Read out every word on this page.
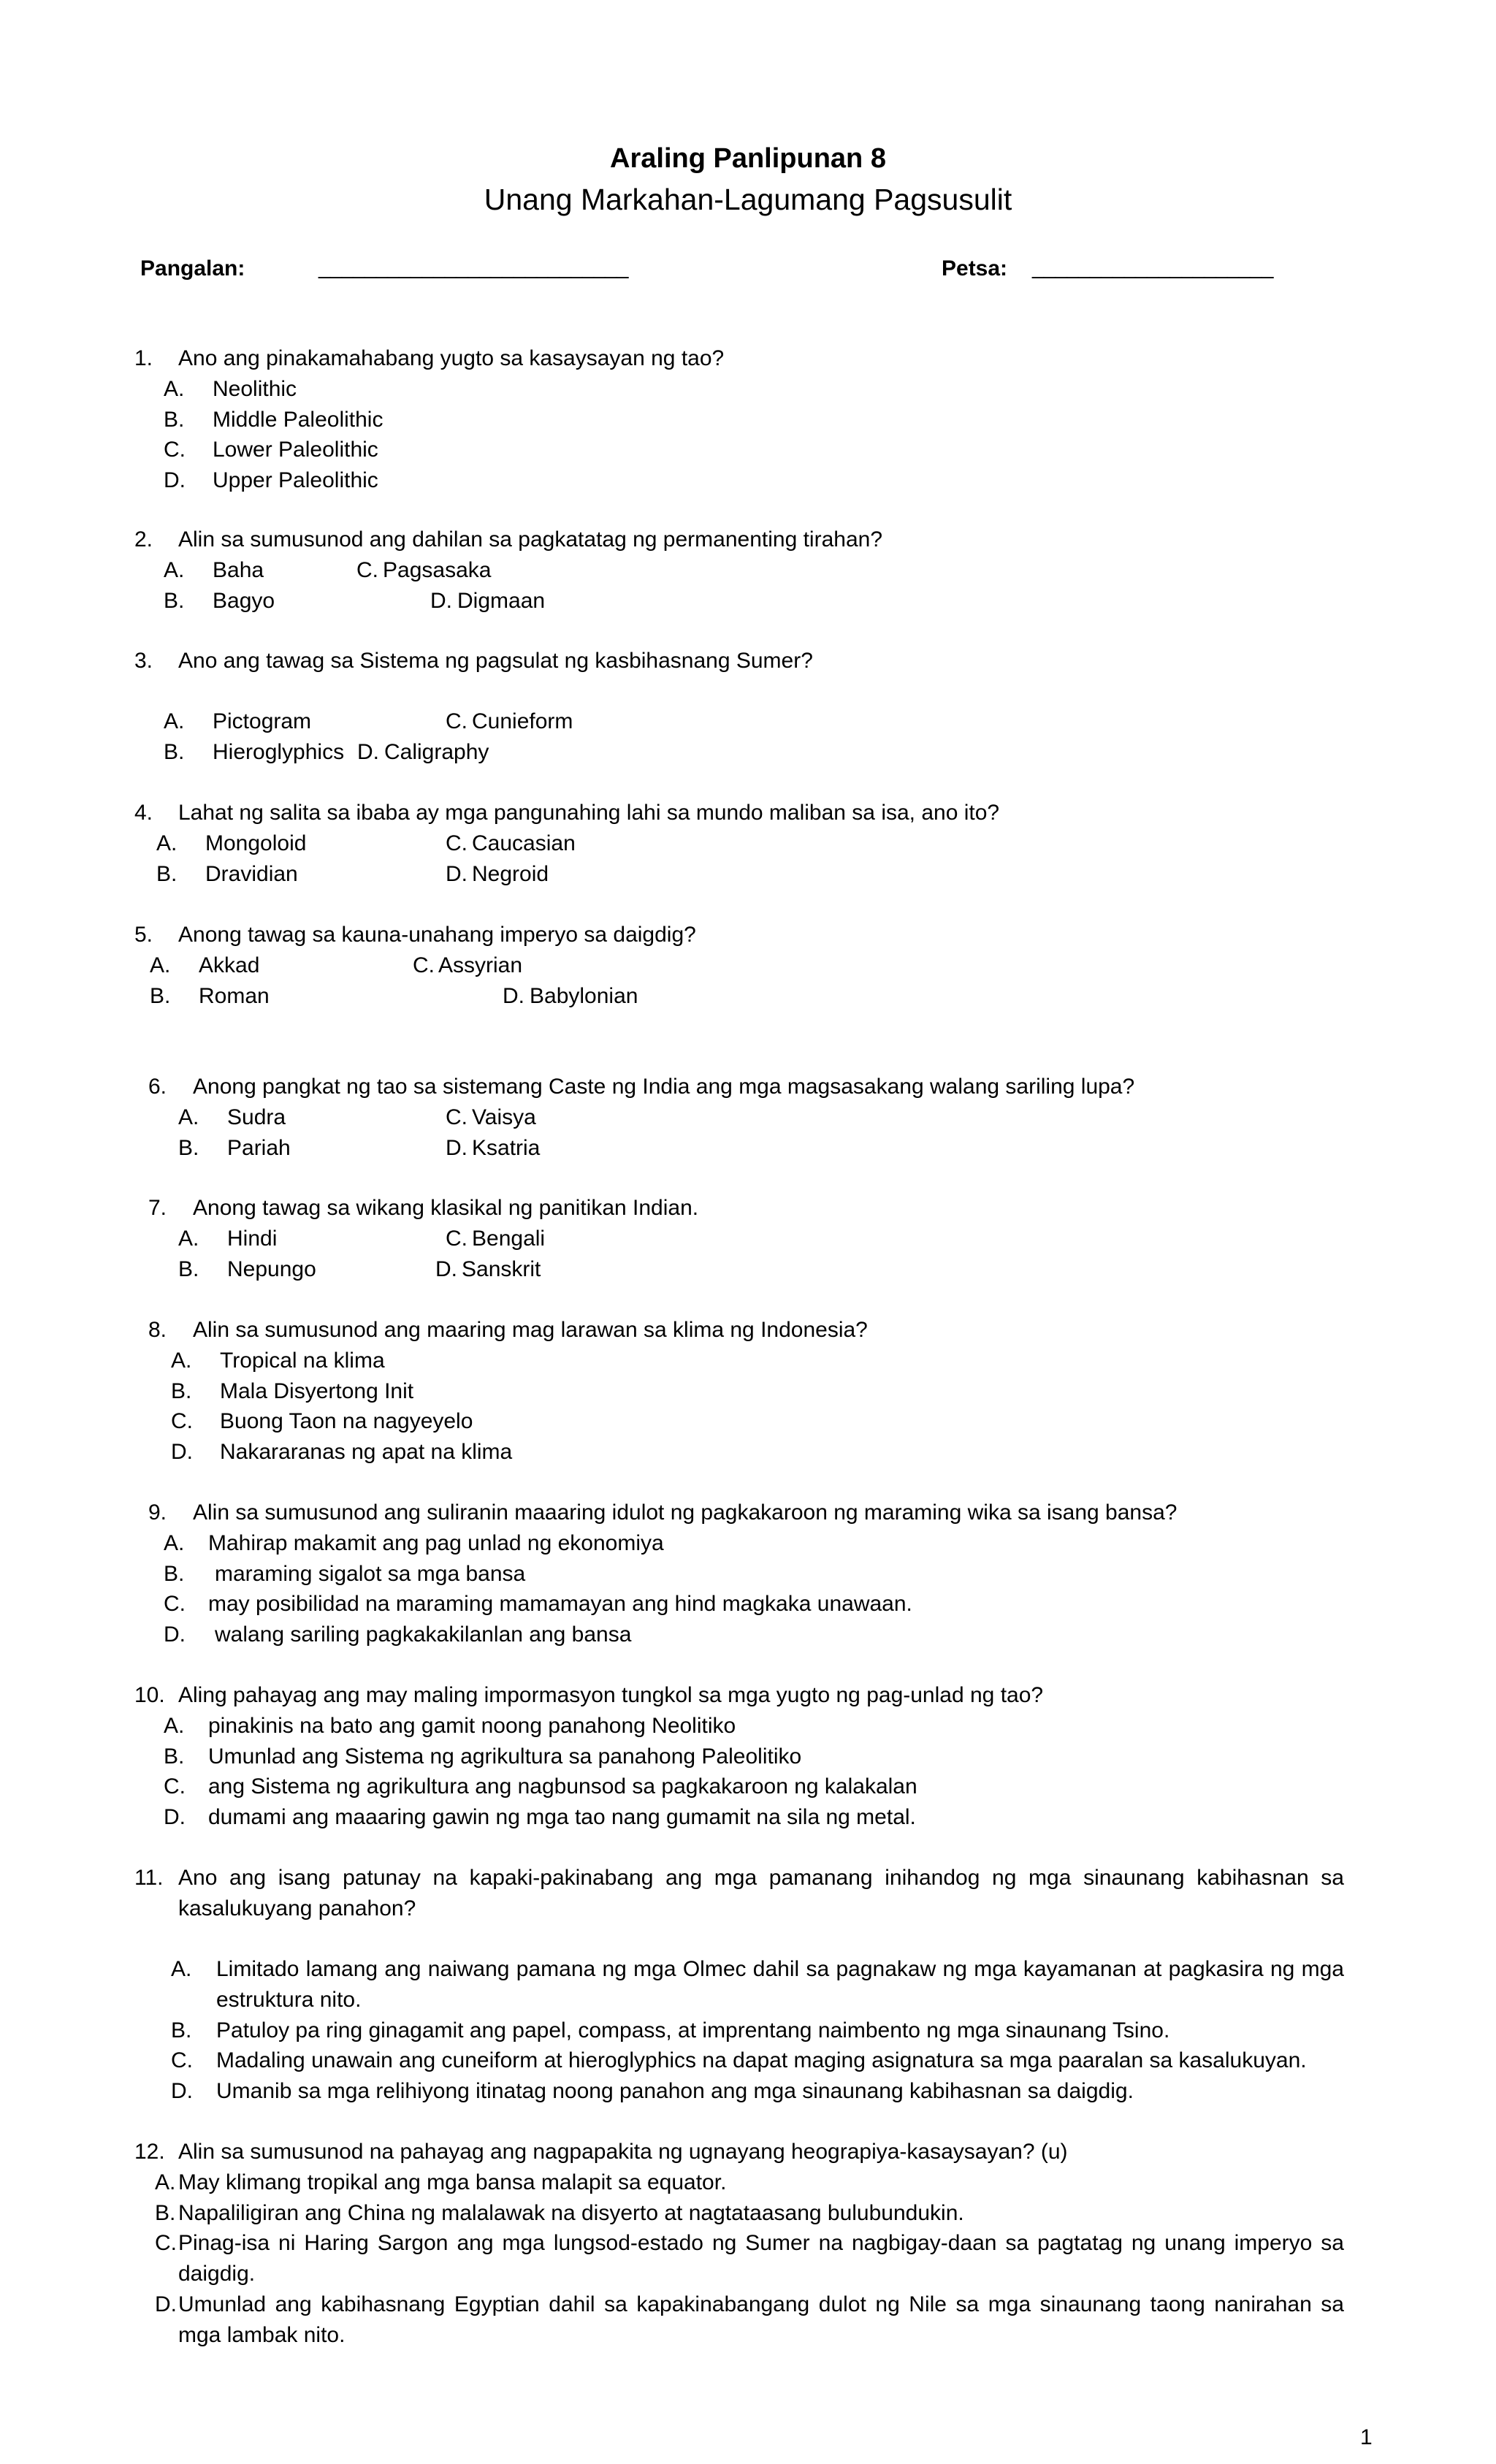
Araling Panlipunan 8
Unang Markahan-Lagumang Pagsusulit
Pangalan:	___________________________	Petsa: _____________________
1. Ano ang pinakamahabang yugto sa kasaysayan ng tao?
A. Neolithic
B. Middle Paleolithic
C. Lower Paleolithic
D. Upper Paleolithic
2. Alin sa sumusunod ang dahilan sa pagkatatag ng permanenting tirahan?
A. Baha	C. Pagsasaka
B. Bagyo	D. Digmaan
3. Ano ang tawag sa Sistema ng pagsulat ng kasbihasnang Sumer?
A. Pictogram	C. Cunieform
B. Hieroglyphics D. Caligraphy
4. Lahat ng salita sa ibaba ay mga pangunahing lahi sa mundo maliban sa isa, ano ito?
A. Mongoloid	C. Caucasian
B. Dravidian	D. Negroid
5. Anong tawag sa kauna-unahang imperyo sa daigdig?
A. Akkad	C. Assyrian
B. Roman	D. Babylonian
6. Anong pangkat ng tao sa sistemang Caste ng India ang mga magsasakang walang sariling lupa?
A. Sudra	C. Vaisya
B. Pariah	D. Ksatria
7. Anong tawag sa wikang klasikal ng panitikan Indian.
A. Hindi	C. Bengali
B. Nepungo	D. Sanskrit
8. Alin sa sumusunod ang maaring mag larawan sa klima ng Indonesia?
A. Tropical na klima
B. Mala Disyertong Init
C. Buong Taon na nagyeyelo
D. Nakararanas ng apat na klima
9. Alin sa sumusunod ang suliranin maaaring idulot ng pagkakaroon ng maraming wika sa isang bansa?
A. Mahirap makamit ang pag unlad ng ekonomiya
B. maraming sigalot sa mga bansa
C. may posibilidad na maraming mamamayan ang hind magkaka unawaan.
D. walang sariling pagkakakilanlan ang bansa
10. Aling pahayag ang may maling impormasyon tungkol sa mga yugto ng pag-unlad ng tao?
A. pinakinis na bato ang gamit noong panahong Neolitiko
B. Umunlad ang Sistema ng agrikultura sa panahong Paleolitiko
C. ang Sistema ng agrikultura ang nagbunsod sa pagkakaroon ng kalakalan
D. dumami ang maaaring gawin ng mga tao nang gumamit na sila ng metal.
11. Ano ang isang patunay na kapaki-pakinabang ang mga pamanang inihandog ng mga sinaunang kabihasnan sa kasalukuyang panahon?
A. Limitado lamang ang naiwang pamana ng mga Olmec dahil sa pagnakaw ng mga kayamanan at pagkasira ng mga estruktura nito.
B. Patuloy pa ring ginagamit ang papel, compass, at imprentang naimbento ng mga sinaunang Tsino.
C. Madaling unawain ang cuneiform at hieroglyphics na dapat maging asignatura sa mga paaralan sa kasalukuyan.
D. Umanib sa mga relihiyong itinatag noong panahon ang mga sinaunang kabihasnan sa daigdig.
12. Alin sa sumusunod na pahayag ang nagpapakita ng ugnayang heograpiya-kasaysayan? (u)
A. May klimang tropikal ang mga bansa malapit sa equator.
B. Napaliligiran ang China ng malalawak na disyerto at nagtataasang bulubundukin.
C. Pinag-isa ni Haring Sargon ang mga lungsod-estado ng Sumer na nagbigay-daan sa pagtatag ng unang imperyo sa daigdig.
D. Umunlad ang kabihasnang Egyptian dahil sa kapakinabangang dulot ng Nile sa mga sinaunang taong nanirahan sa mga lambak nito.
1
